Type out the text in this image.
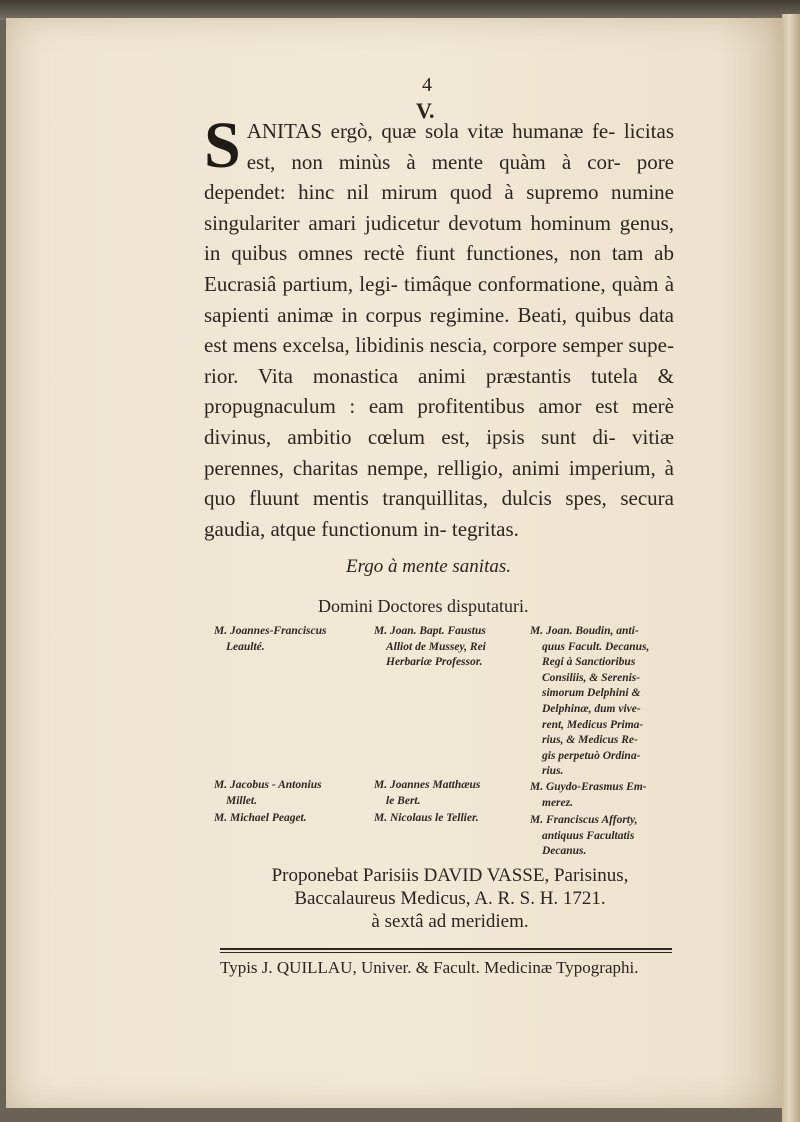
4
V.
S ANITAS ergò, quæ sola vitæ humanæ fe- licitas est, non minùs à mente quàm à cor- pore dependet: hinc nil mirum quod à supremo numine singulariter amari judicetur devotum hominum genus, in quibus omnes rectè fiunt functiones, non tam ab Eucrasiâ partium, legi- timâque conformatione, quàm à sapienti animæ in corpus regimine. Beati, quibus data est mens excelsa, libidinis nescia, corpore semper supe- rior. Vita monastica animi præstantis tutela & propugnaculum : eam profitentibus amor est merè divinus, ambitio cœlum est, ipsis sunt di- vitiæ perennes, charitas nempe, relligio, animi imperium, à quo fluunt mentis tranquillitas, dulcis spes, secura gaudia, atque functionum in- tegritas.
Ergo à mente sanitas.
Domini Doctores disputaturi.
M. Joannes-Franciscus
Leaulté.
M. Jacobus - Antonius
Millet.
M. Michael Peaget.
M. Joan. Bapt. Faustus
Alliot de Mussey, Rei
Herbariæ Professor.
M. Joannes Matthæus
le Bert.
M. Nicolaus le Tellier.
M. Joan. Boudin, anti-
quus Facult. Decanus,
Regi à Sanctioribus
Consiliis, & Serenis-
simorum Delphini &
Delphinæ, dum vive-
rent, Medicus Prima-
rius, & Medicus Re-
gis perpetuò Ordina-
rius.
M. Guydo-Erasmus Em-
merez.
M. Franciscus Afforty,
antiquus Facultatis
Decanus.
Proponebat Parisiis DAVID VASSE, Parisinus,
Baccalaureus Medicus, A. R. S. H. 1721.
à sextâ ad meridiem.
Typis J. QUILLAU, Univer. & Facult. Medicinæ Typographi.
